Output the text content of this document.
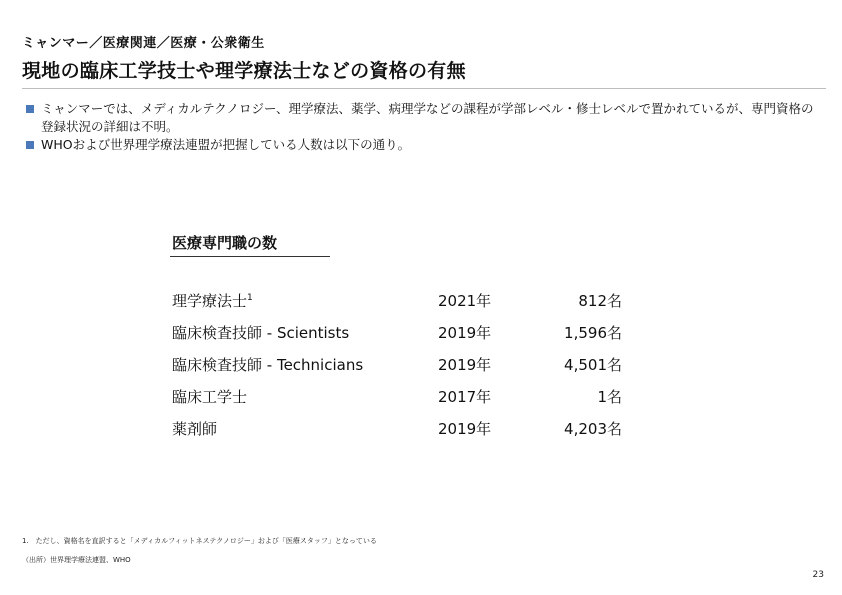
ミャンマー／医療関連／医療・公衆衛生
現地の臨床工学技士や理学療法士などの資格の有無
ミャンマーでは、メディカルテクノロジー、理学療法、薬学、病理学などの課程が学部レベル・修士レベルで置かれているが、専門資格の登録状況の詳細は不明。
WHOおよび世界理学療法連盟が把握している人数は以下の通り。
医療専門職の数
理学療法士$^1$	2021年	812名
臨床検査技師 - Scientists	2019年	1,596名
臨床検査技師 - Technicians	2019年	4,501名
臨床工学士	2017年	1名
薬剤師	2019年	4,203名
1.　ただし、資格名を直訳すると「メディカルフィットネステクノロジー」および「医療スタッフ」となっている
（出所）世界理学療法連盟、WHO
23
